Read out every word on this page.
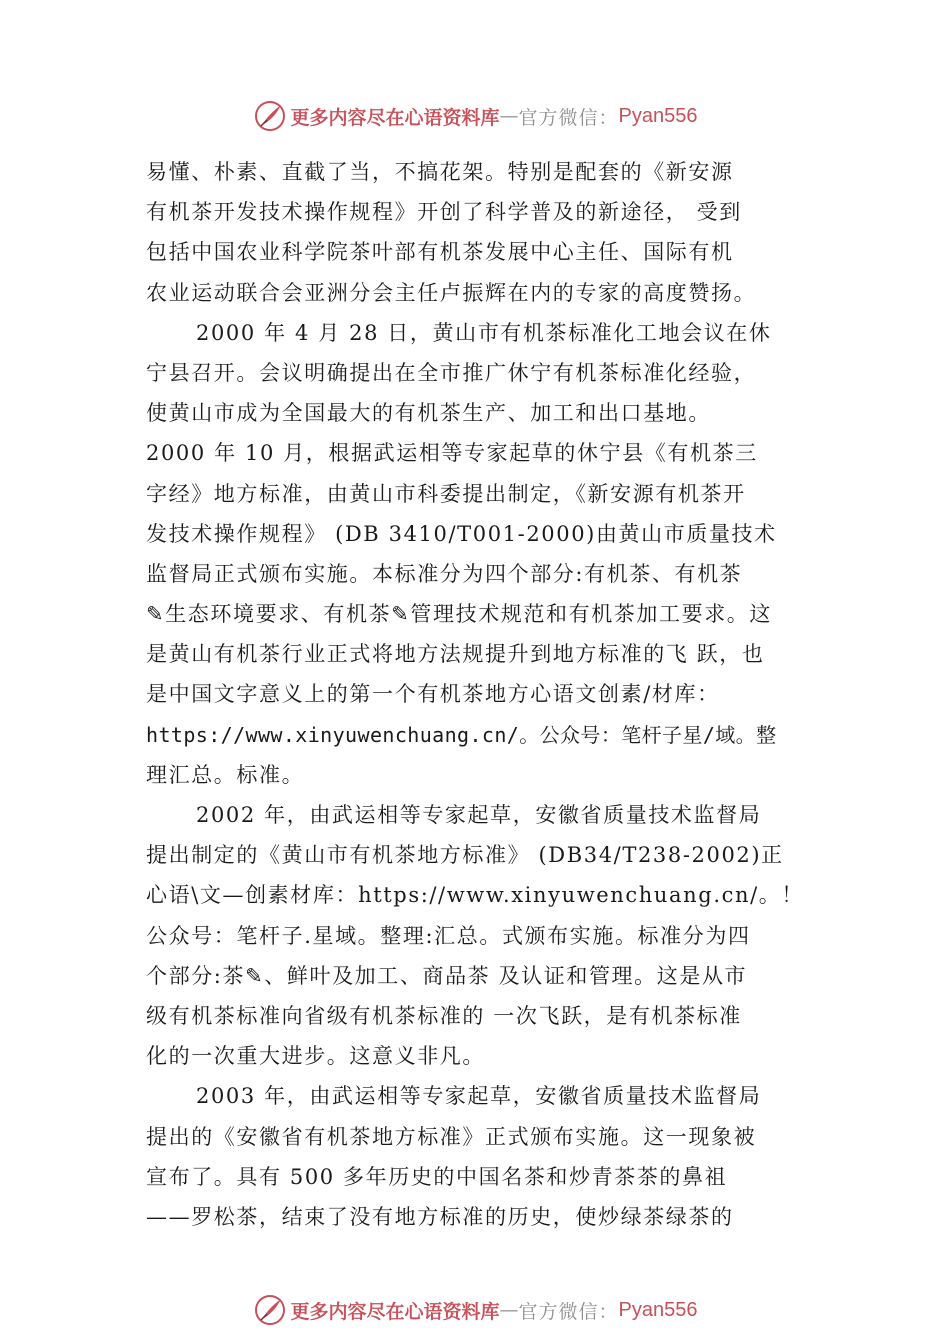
更多内容尽在心语资料库 — 官方微信： Pyan556
易懂、朴素、直截了当，不搞花架。特别是配套的《新安源
有机茶开发技术操作规程》开创了科学普及的新途径， 受到
包括中国农业科学院茶叶部有机茶发展中心主任、国际有机
农业运动联合会亚洲分会主任卢振辉在内的专家的高度赞扬。
2000 年 4 月 28 日，黄山市有机茶标准化工地会议在休
宁县召开。会议明确提出在全市推广休宁有机茶标准化经验，
使黄山市成为全国最大的有机茶生产、加工和出口基地。
2000 年 10 月，根据武运相等专家起草的休宁县《有机茶三
字经》地方标准，由黄山市科委提出制定，《新安源有机茶开
发技术操作规程》 (DB 3410/T001-2000)由黄山市质量技术
监督局正式颁布实施。本标准分为四个部分:有机茶、有机茶
✎生态环境要求、有机茶✎管理技术规范和有机茶加工要求。这
是黄山有机茶行业正式将地方法规提升到地方标准的飞 跃，也
是中国文字意义上的第一个有机茶地方心语文创素/材库：
https://www.xinyuwenchuang.cn/。公众号：笔杆子星/域。整
理汇总。标准。
2002 年，由武运相等专家起草，安徽省质量技术监督局
提出制定的《黄山市有机茶地方标准》 (DB34/T238-2002)正
心语\文—创素材库：https://www.xinyuwenchuang.cn/。！
公众号：笔杆子.星域。整理:汇总。式颁布实施。标准分为四
个部分:茶✎、鲜叶及加工、商品茶 及认证和管理。这是从市
级有机茶标准向省级有机茶标准的 一次飞跃，是有机茶标准
化的一次重大进步。这意义非凡。
2003 年，由武运相等专家起草，安徽省质量技术监督局
提出的《安徽省有机茶地方标准》正式颁布实施。这一现象被
宣布了。具有 500 多年历史的中国名茶和炒青茶茶的鼻祖
——罗松茶，结束了没有地方标准的历史，使炒绿茶绿茶的
更多内容尽在心语资料库 — 官方微信： Pyan556
